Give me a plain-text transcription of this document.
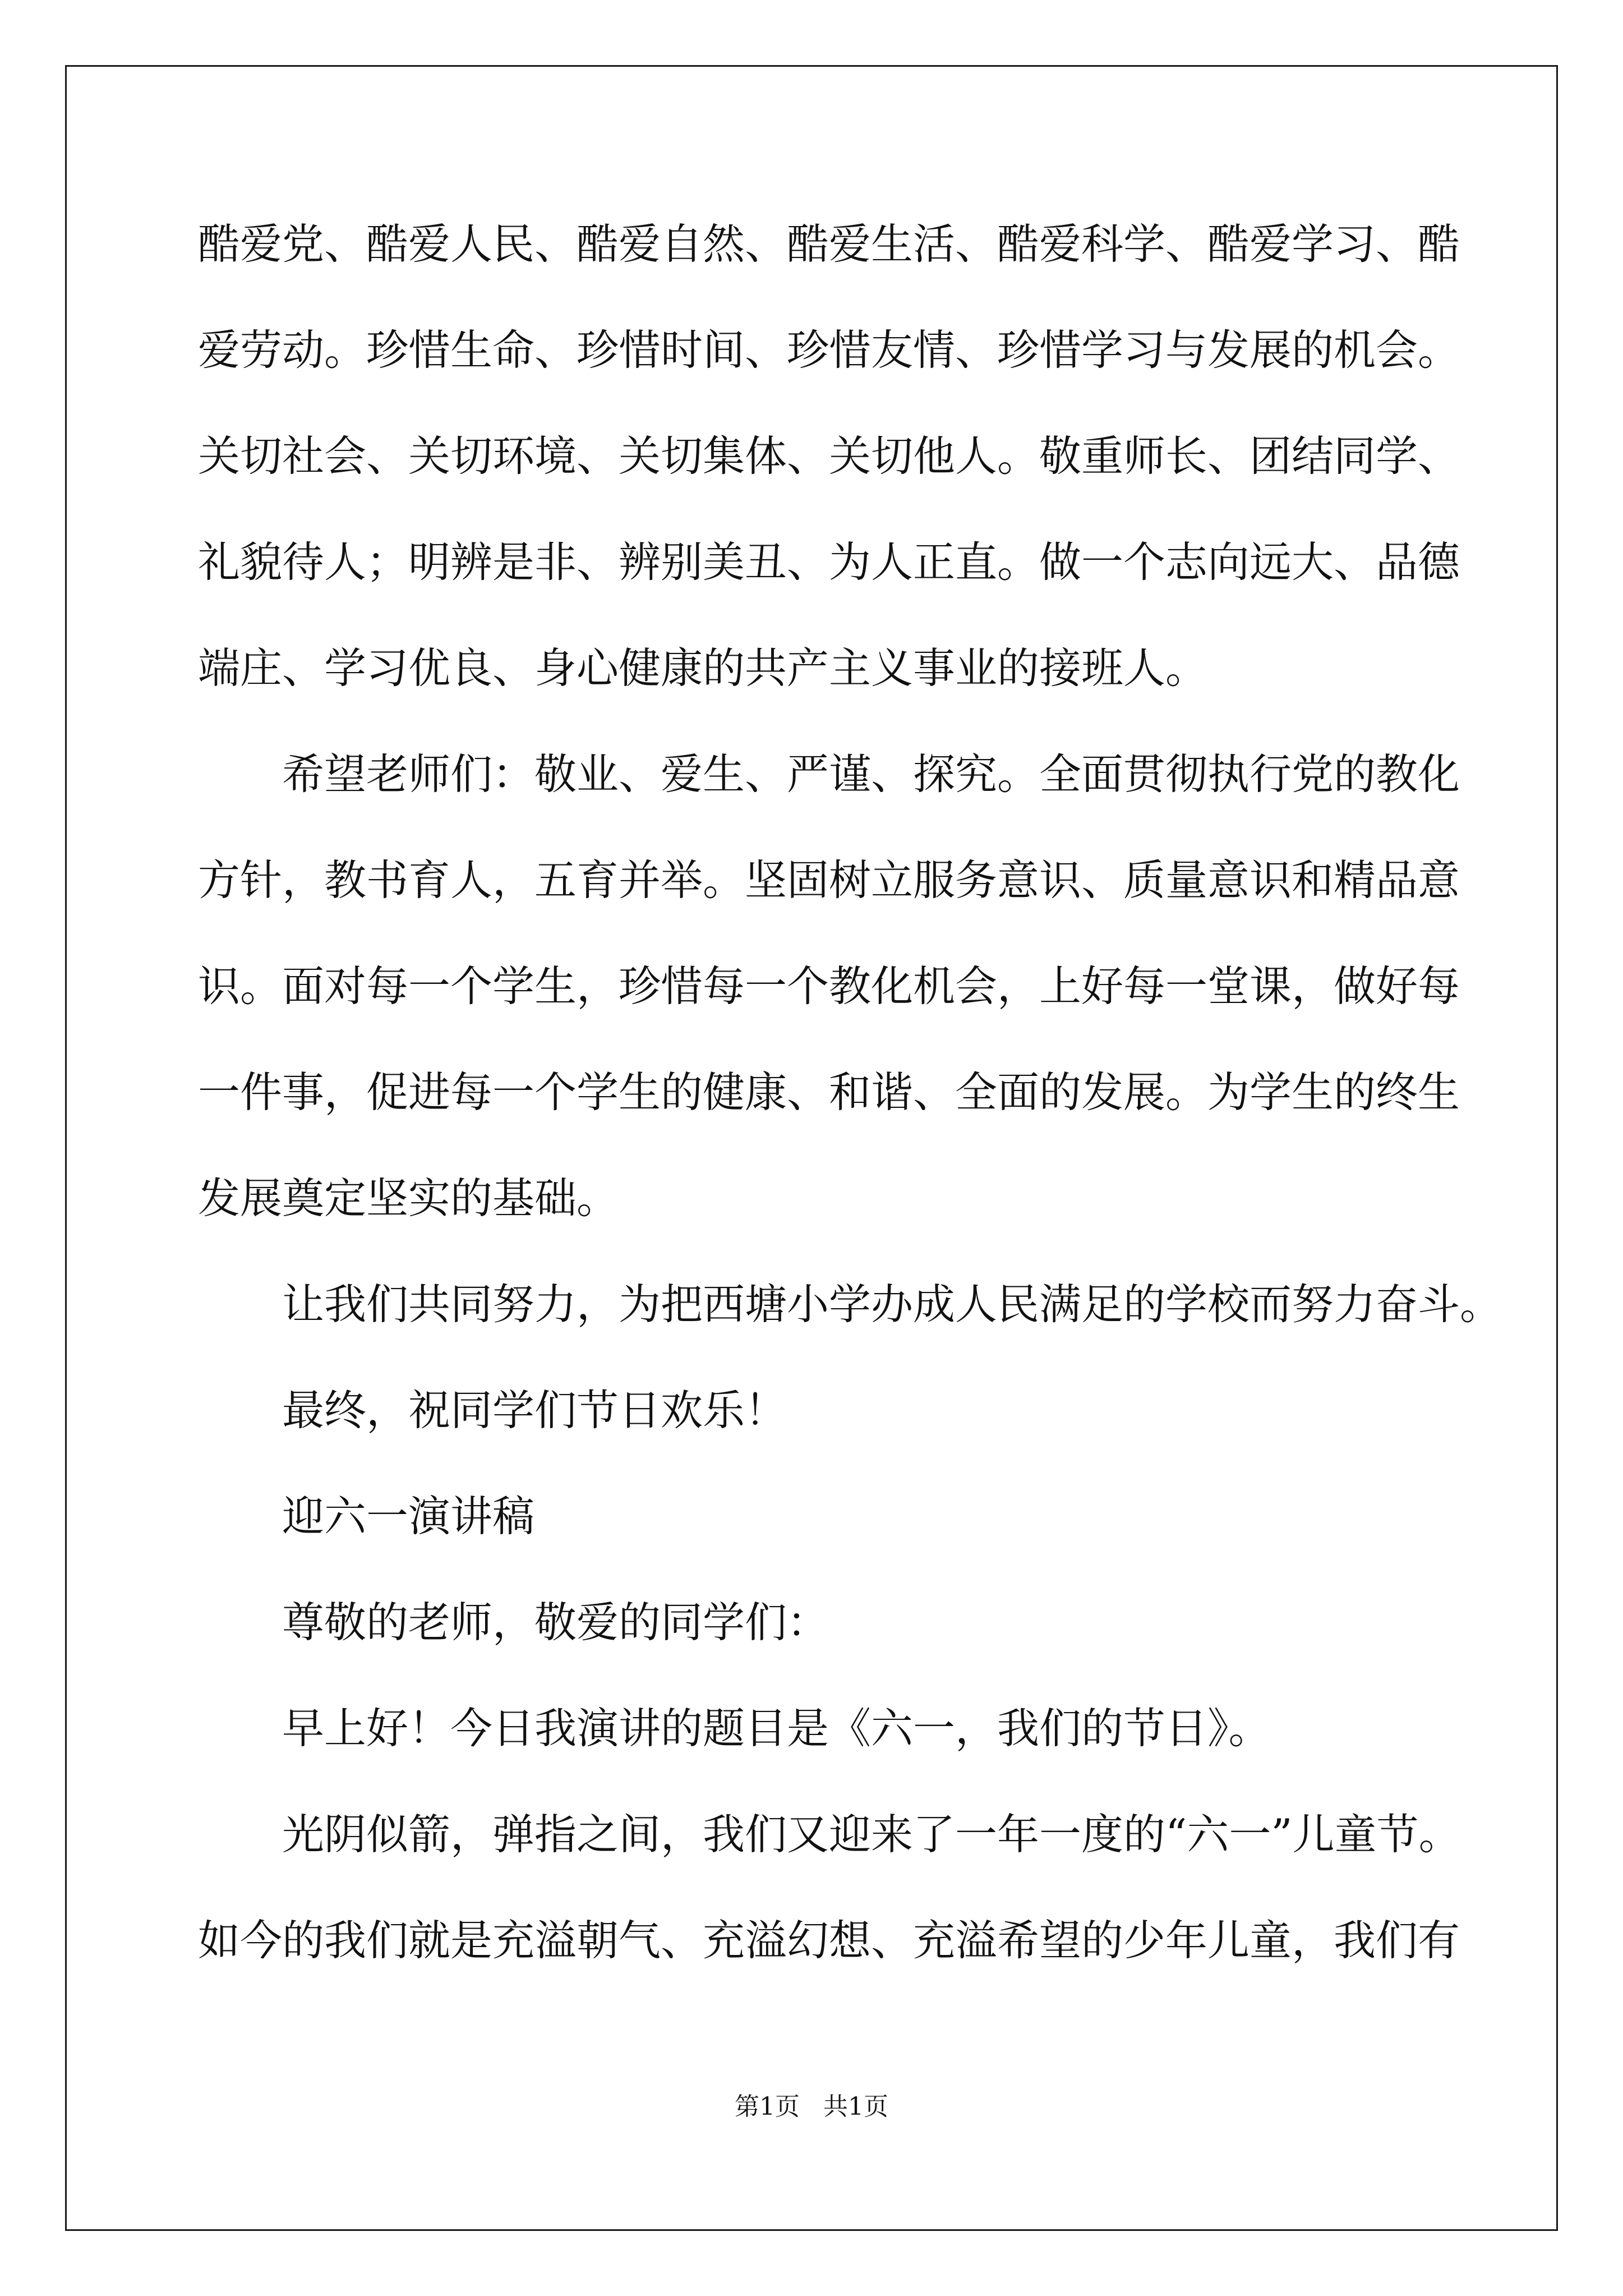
酷爱党、酷爱人民、酷爱自然、酷爱生活、酷爱科学、酷爱学习、酷
爱劳动。珍惜生命、珍惜时间、珍惜友情、珍惜学习与发展的机会。
关切社会、关切环境、关切集体、关切他人。敬重师长、团结同学、
礼貌待人；明辨是非、辨别美丑、为人正直。做一个志向远大、品德
端庄、学习优良、身心健康的共产主义事业的接班人。
希望老师们：敬业、爱生、严谨、探究。全面贯彻执行党的教化
方针，教书育人，五育并举。坚固树立服务意识、质量意识和精品意
识。面对每一个学生，珍惜每一个教化机会，上好每一堂课，做好每
一件事，促进每一个学生的健康、和谐、全面的发展。为学生的终生
发展奠定坚实的基础。
让我们共同努力，为把西塘小学办成人民满足的学校而努力奋斗。
最终，祝同学们节日欢乐！
迎六一演讲稿
尊敬的老师，敬爱的同学们：
早上好！今日我演讲的题目是《六一，我们的节日》。
光阴似箭，弹指之间，我们又迎来了一年一度的“六一”儿童节。
如今的我们就是充溢朝气、充溢幻想、充溢希望的少年儿童，我们有
第1页   共1页
